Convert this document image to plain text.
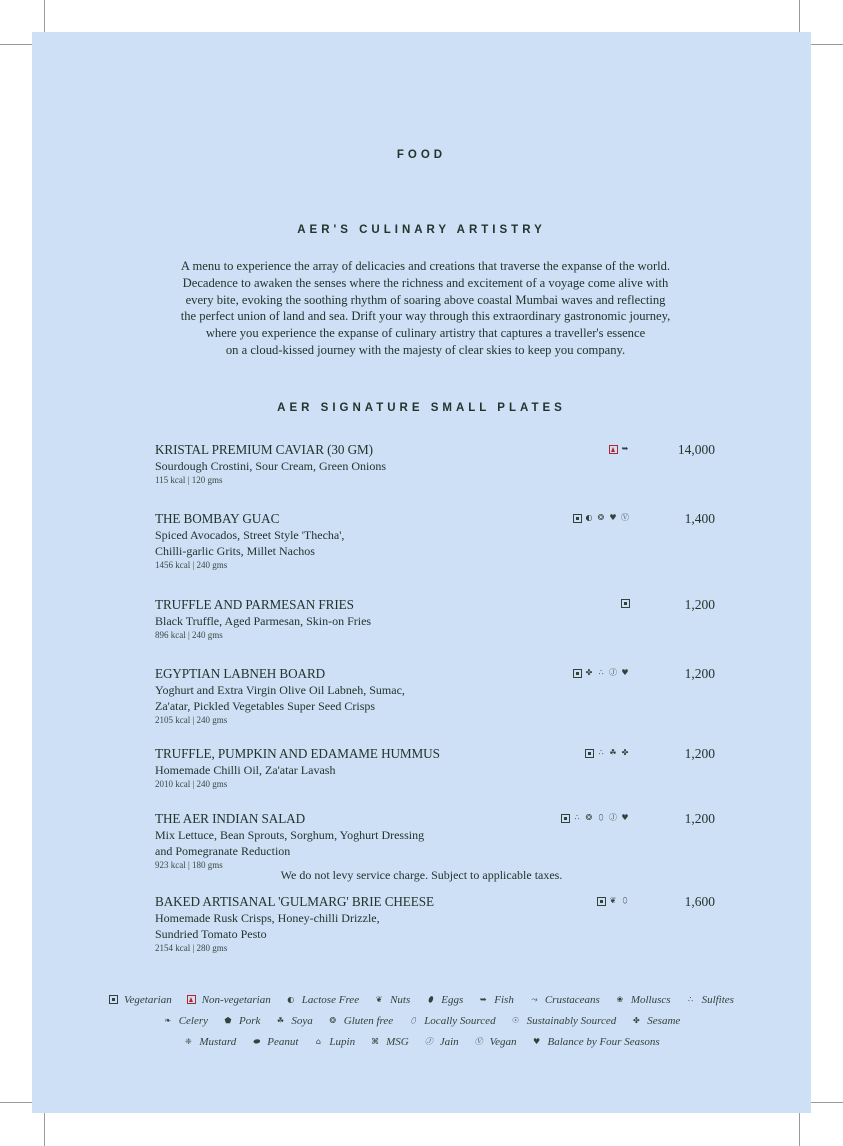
FOOD
AER'S CULINARY ARTISTRY
A menu to experience the array of delicacies and creations that traverse the expanse of the world.
Decadence to awaken the senses where the richness and excitement of a voyage come alive with
every bite, evoking the soothing rhythm of soaring above coastal Mumbai waves and reflecting
the perfect union of land and sea. Drift your way through this extraordinary gastronomic journey,
where you experience the expanse of culinary artistry that captures a traveller's essence
on a cloud-kissed journey with the majesty of clear skies to keep you company.
AER SIGNATURE SMALL PLATES
KRISTAL PREMIUM CAVIAR (30 GM)
Sourdough Crostini, Sour Cream, Green Onions
115 kcal | 120 gms
14,000
➥
THE BOMBAY GUAC
Spiced Avocados, Street Style 'Thecha',
Chilli-garlic Grits, Millet Nachos
1456 kcal | 240 gms
1,400
◐ ❂ ♥ Ⓥ
TRUFFLE AND PARMESAN FRIES
Black Truffle, Aged Parmesan, Skin-on Fries
896 kcal | 240 gms
1,200
EGYPTIAN LABNEH BOARD
Yoghurt and Extra Virgin Olive Oil Labneh, Sumac,
Za'atar, Pickled Vegetables Super Seed Crisps
2105 kcal | 240 gms
1,200
✤ ∴ Ⓙ ♥
TRUFFLE, PUMPKIN AND EDAMAME HUMMUS
Homemade Chilli Oil, Za'atar Lavash
2010 kcal | 240 gms
1,200
∴ ☘ ✤
THE AER INDIAN SALAD
Mix Lettuce, Bean Sprouts, Sorghum, Yoghurt Dressing
and Pomegranate Reduction
923 kcal | 180 gms
1,200
∴ ❂ ⬯ Ⓙ ♥
BAKED ARTISANAL 'GULMARG' BRIE CHEESE
Homemade Rusk Crisps, Honey-chilli Drizzle,
Sundried Tomato Pesto
2154 kcal | 280 gms
1,600
❦ ⬯
Vegetarian	Non-vegetarian ◐ Lactose Free ❦ Nuts	⬮ Eggs ➥ Fish ⤳ Crustaceans ❀ Molluscs	∴ Sulfites
❧ Celery ⬟ Pork ☘ Soya ❂ Gluten free	⬯ Locally Sourced ☉ Sustainably Sourced ✤ Sesame
❈ Mustard ⬬ Peanut	⌂ Lupin ⌘ MSG Ⓙ Jain Ⓥ Vegan ♥ Balance by Four Seasons
We do not levy service charge. Subject to applicable taxes.
